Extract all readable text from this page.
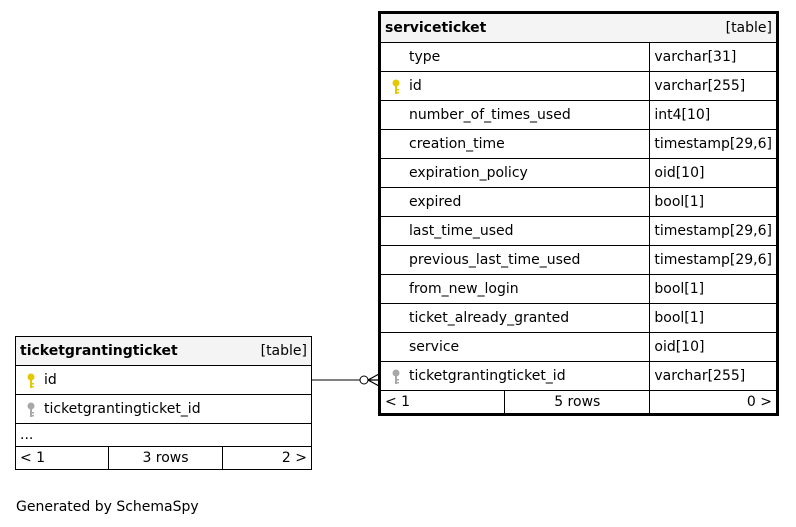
serviceticket [table]		

type		varchar[31]

id		varchar[255]
number_of_times_used		int4[10]
creation_time		timestamp[29,6]
expiration_policy		oid[10]
expired		bool[1]
last_time_used		timestamp[29,6]
previous_last_time_used		timestamp[29,6]
from_new_login		bool[1]
ticket_already_granted		bool[1]
service		oid[10]

ticketgrantingticket_id		varchar[255]
< 1	5 rows	0 >
ticketgrantingticket	[table]

id

ticketgrantingticket_id
...
< 1	3 rows	2 >
Generated by SchemaSpy
